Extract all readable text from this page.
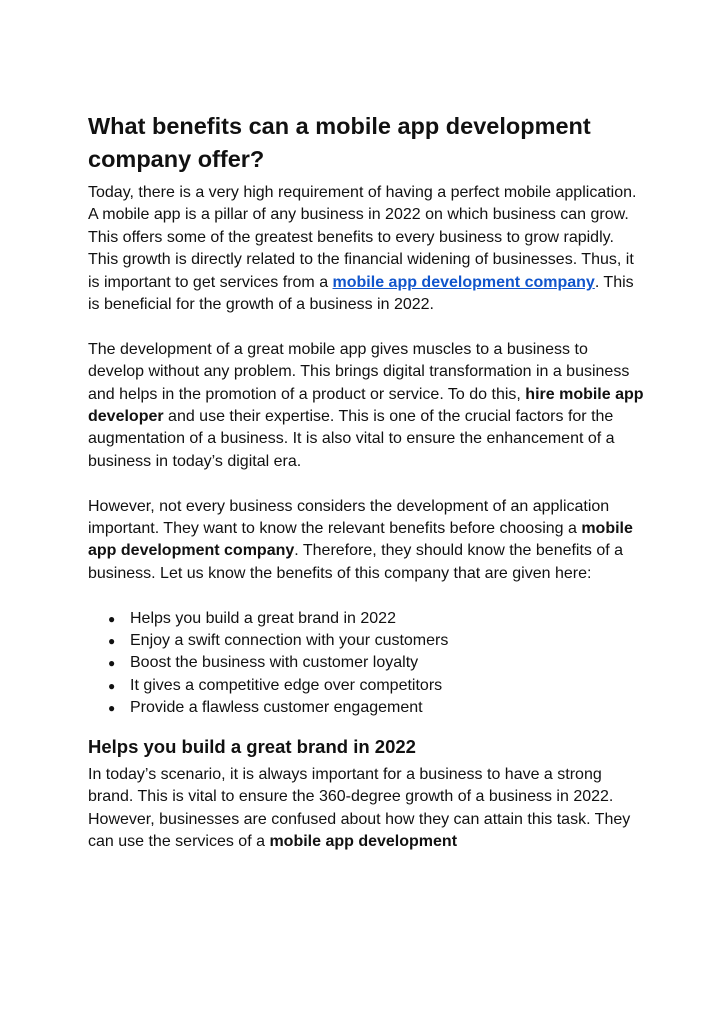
What benefits can a mobile app development company offer?

Today, there is a very high requirement of having a perfect mobile application. A mobile app is a pillar of any business in 2022 on which business can grow. This offers some of the greatest benefits to every business to grow rapidly. This growth is directly related to the financial widening of businesses. Thus, it is important to get services from a mobile app development company. This is beneficial for the growth of a business in 2022.

The development of a great mobile app gives muscles to a business to develop without any problem. This brings digital transformation in a business and helps in the promotion of a product or service. To do this, hire mobile app developer and use their expertise. This is one of the crucial factors for the augmentation of a business. It is also vital to ensure the enhancement of a business in today’s digital era.

However, not every business considers the development of an application important. They want to know the relevant benefits before choosing a mobile app development company. Therefore, they should know the benefits of a business. Let us know the benefits of this company that are given here:

● Helps you build a great brand in 2022
● Enjoy a swift connection with your customers
● Boost the business with customer loyalty
● It gives a competitive edge over competitors
● Provide a flawless customer engagement
Helps you build a great brand in 2022

In today’s scenario, it is always important for a business to have a strong brand. This is vital to ensure the 360-degree growth of a business in 2022. However, businesses are confused about how they can attain this task. They can use the services of a mobile app development
